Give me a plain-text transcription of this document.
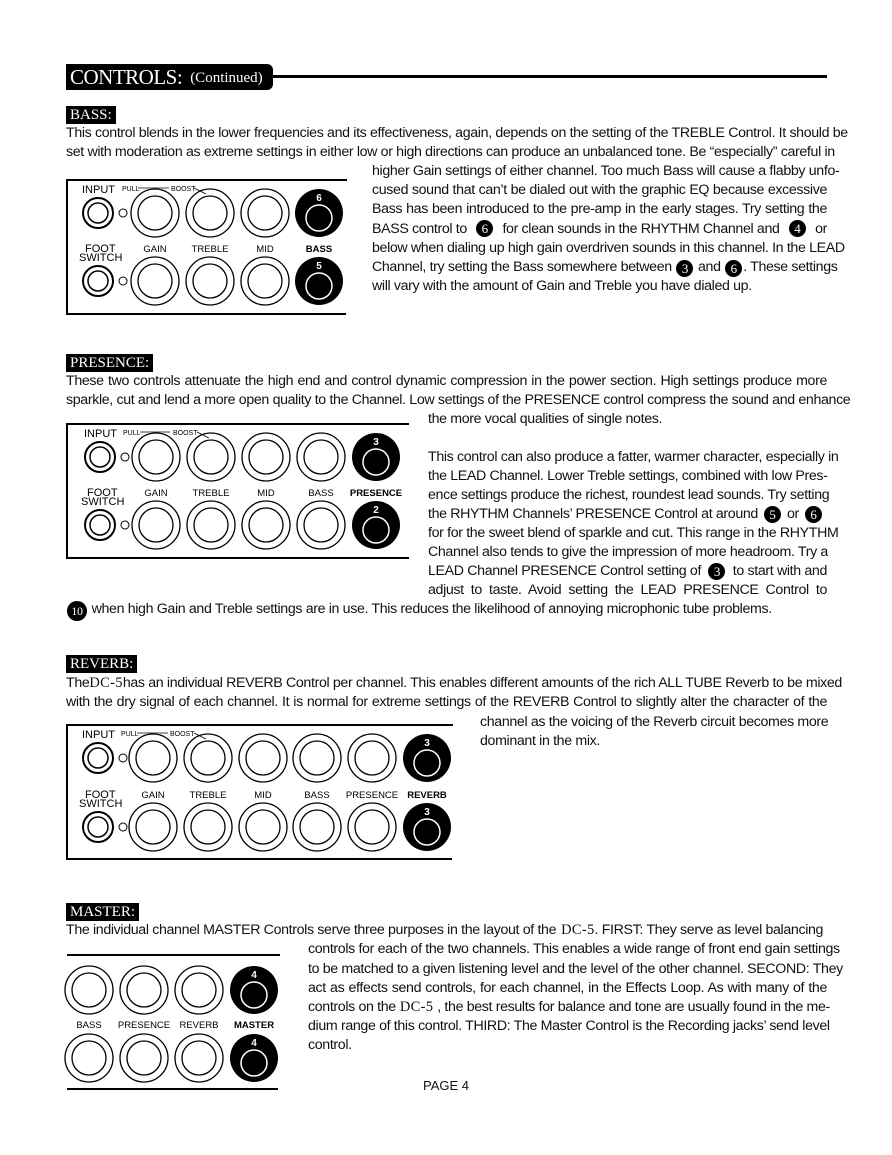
CONTROLS: (Continued)
BASS:
This control blends in the lower frequencies and its effectiveness, again, depends on the setting of the TREBLE Control. It should be
set with moderation as extreme settings in either low or high directions can produce an unbalanced tone. Be “especially” careful in
higher Gain settings of either channel. Too much Bass will cause a flabby unfo-
cused sound that can’t be dialed out with the graphic EQ because excessive
Bass has been introduced to the pre-amp in the early stages. Try setting the
BASS control to	6	for clean sounds in the RHYTHM Channel and	4	or
below when dialing up high gain overdriven sounds in this channel. In the LEAD
Channel, try setting the Bass somewhere between 3 and 6 . These settings
will vary with the amount of Gain and Treble you have dialed up.
INPUT PULL	BOOST
6
FOOT
SWITCH
GAIN	TREBLE	MID	BASS
5
PRESENCE:
These two controls attenuate the high end and control dynamic compression in the power section. High settings produce more
sparkle, cut and lend a more open quality to the Channel. Low settings of the PRESENCE control compress the sound and enhance
the more vocal qualities of single notes.
This control can also produce a fatter, warmer character, especially in
the LEAD Channel. Lower Treble settings, combined with low Pres-
ence settings produce the richest, roundest lead sounds. Try setting
the RHYTHM Channels’ PRESENCE Control at around 5 or 6
for for the sweet blend of sparkle and cut. This range in the RHYTHM
Channel also tends to give the impression of more headroom. Try a
LEAD Channel PRESENCE Control setting of 3 to start with and
adjust to taste. Avoid setting the LEAD PRESENCE Control to
10 when high Gain and Treble settings are in use. This reduces the likelihood of annoying microphonic tube problems.
INPUT PULL	BOOST
3
FOOT
SWITCH
GAIN	TREBLE	MID	BASS PRESENCE
2
REVERB:
The DC-5 has an individual REVERB Control per channel. This enables different amounts of the rich ALL TUBE Reverb to be mixed
with the dry signal of each channel. It is normal for extreme settings of the REVERB Control to slightly alter the character of the
channel as the voicing of the Reverb circuit becomes more
dominant in the mix.
INPUT PULL	BOOST
3
FOOT
SWITCH
GAIN	TREBLE	MID	BASS PRESENCE REVERB
3
MASTER:
The individual channel MASTER Controls serve three purposes in the layout of the DC-5 . FIRST: They serve as level balancing
controls for each of the two channels. This enables a wide range of front end gain settings
to be matched to a given listening level and the level of the other channel. SECOND: They
act as effects send controls, for each channel, in the Effects Loop. As with many of the
controls on the DC-5 , the best results for balance and tone are usually found in the me-
dium range of this control. THIRD: The Master Control is the Recording jacks’ send level
control.
4
BASS PRESENCE REVERB MASTER
4
PAGE 4
